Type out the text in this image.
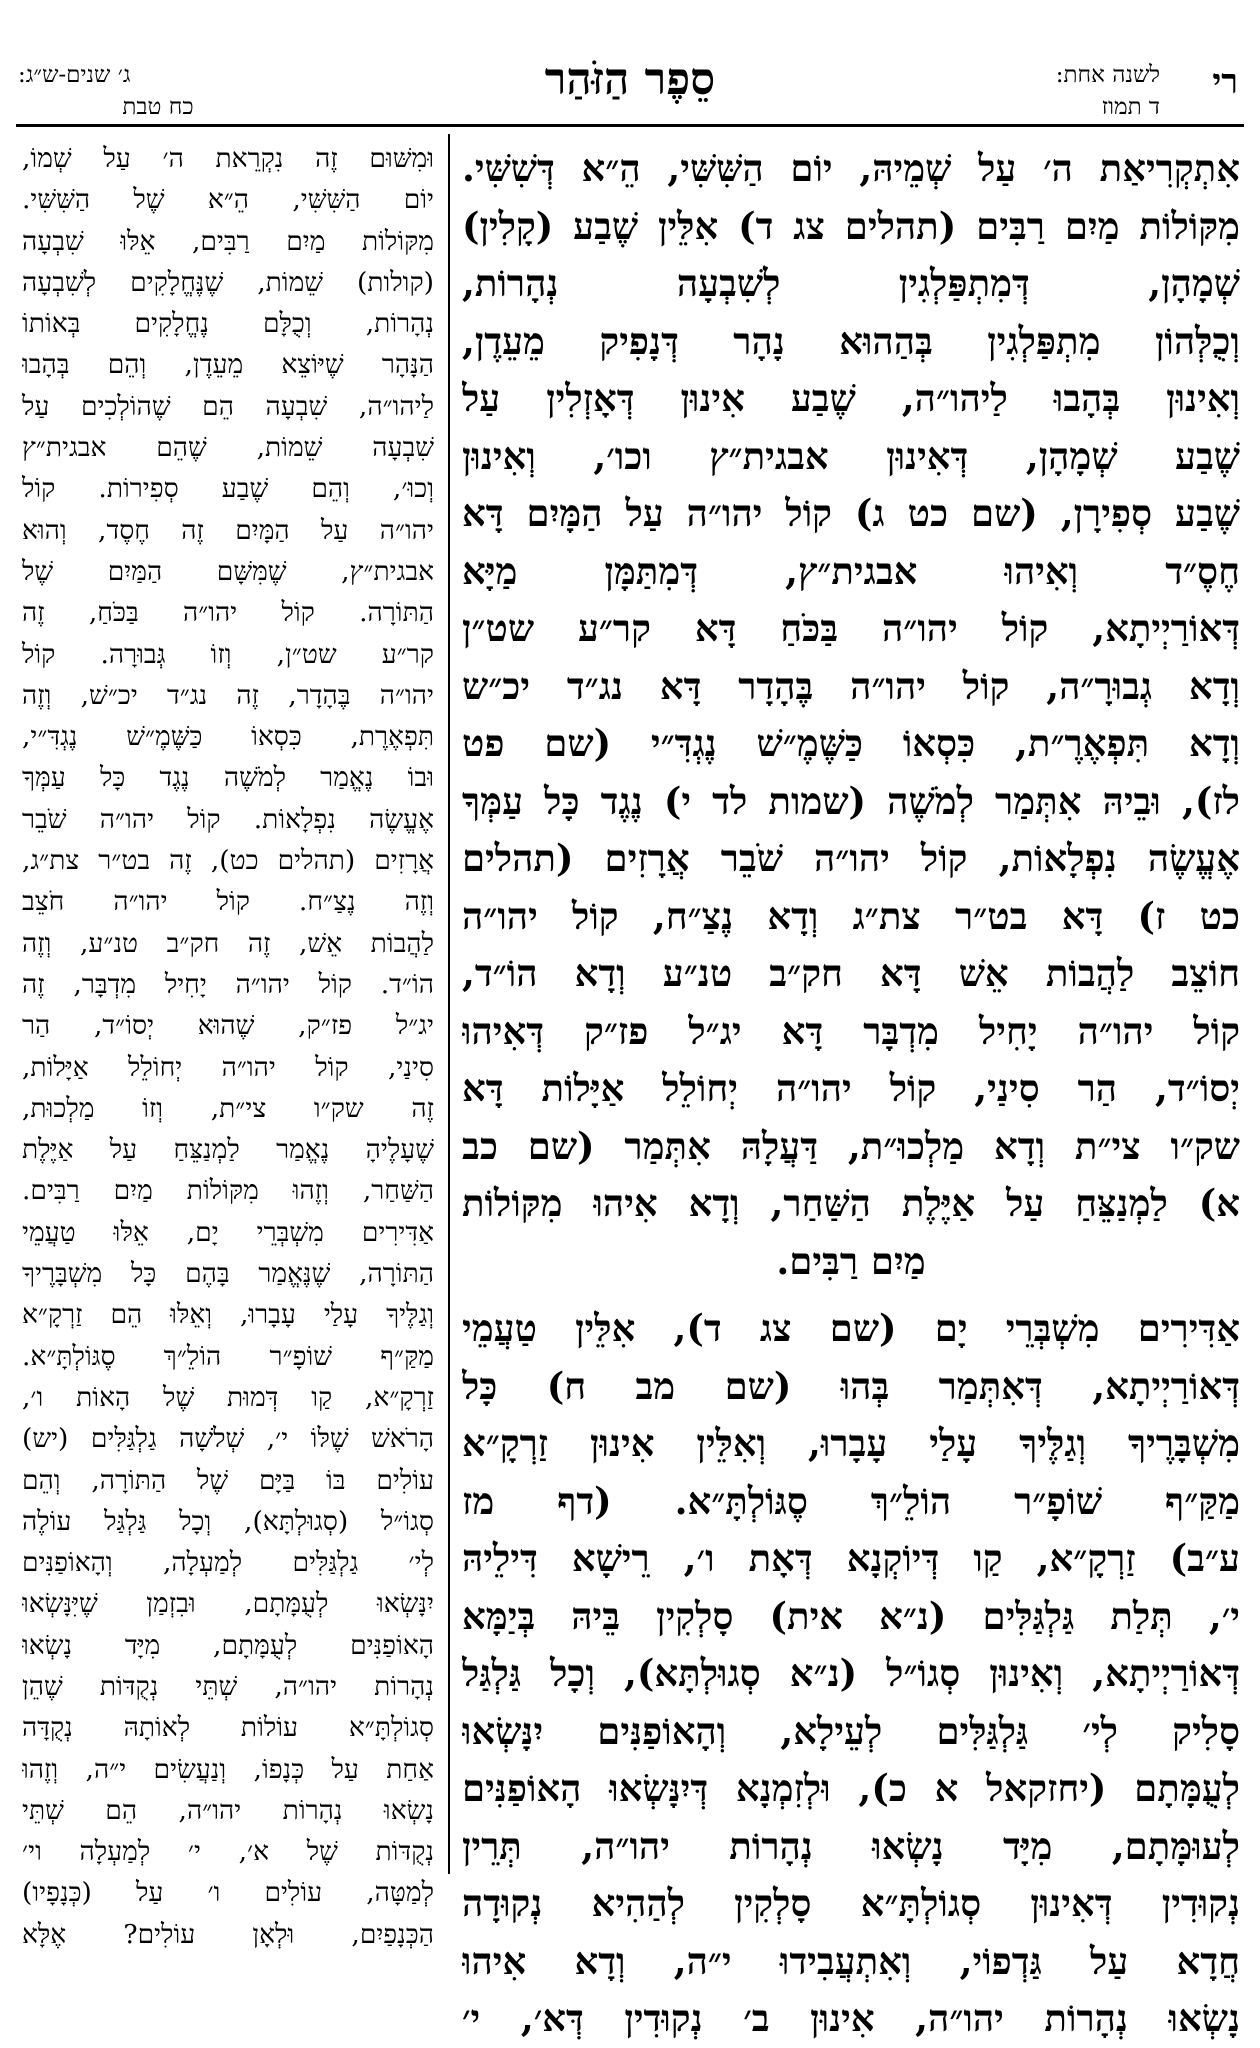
רי
לשנה אחת:
ד תמוז
סֵפֶר הַזֹּהַר
ג׳ שנים-ש״ג:
כח טבת
אִתְקְרִיאַת ה׳ עַל שְׁמֵיהּ, יוֹם הַשִּׁשִּׁי, הֵ״א דְּשִׁשִּׁי.
מִקּוֹלוֹת מַיִם רַבִּים (תהלים צג ד) אִלֵּין שֶׁבַע (קָלִין)
שְׁמָהָן, דְּמִתְפַּלְגִין לְשִׁבְעָה נְהָרוֹת,
וְכֻלְּהוֹן מִתְפַּלְגִין בְּהַהוּא נָהָר דְּנָפִיק מֵעֵדֶן,
וְאִינוּן בְּהָבוּ לַיהו״ה, שֶׁבַע אִינוּן דְּאָזְלִין עַל
שֶׁבַע שְׁמָהָן, דְּאִינוּן אבגית״ץ וכו׳, וְאִינוּן
שֶׁבַע סְפִירָן, (שם כט ג) קוֹל יהו״ה עַל הַמָּיִם דָּא
חֶסֶ״ד וְאִיהוּ אבגית״ץ, דְּמִתַּמָּן מַיָּא
דְּאוֹרַיְיתָא, קוֹל יהו״ה בַּכֹּחַ דָּא קר״ע שט״ן
וְדָא גְבוּרָ״ה, קוֹל יהו״ה בֶּהָדָר דָּא נג״ד יכ״ש
וְדָא תִּפְאֶרֶ״ת, כִּסְאוֹ כַּשֶּׁמֶ״שׁ נֶגְדִּ״י (שם פט
לז), וּבֵיהּ אִתְּמַר לְמֹשֶׁה (שמות לד י) נֶגֶד כָּל עַמְּךָ
אֶעֱשֶׂה נִפְלָאוֹת, קוֹל יהו״ה שֹׁבֵר אֲרָזִים (תהלים
כט ז) דָּא בט״ר צת״ג וְדָא נֶצַ״ח, קוֹל יהו״ה
חוֹצֵב לַהֲבוֹת אֵשׁ דָּא חק״ב טנ״ע וְדָא הוֹ״ד,
קוֹל יהו״ה יָחִיל מִדְבָּר דָּא יג״ל פז״ק דְּאִיהוּ
יְסוֹ״ד, הַר סִינַי, קוֹל יהו״ה יְחוֹלֵל אַיָּלוֹת דָּא
שק״ו צי״ת וְדָא מַלְכוּ״ת, דַּעֲלָהּ אִתְּמַר (שם כב
א) לַמְנַצֵּחַ עַל אַיֶּלֶת הַשַּׁחַר, וְדָא אִיהוּ מִקּוֹלוֹת
מַיִם רַבִּים.
אַדִּירִים מִשְׁבְּרֵי יָם (שם צג ד), אִלֵּין טַעֲמֵי
דְּאוֹרַיְיתָא, דְּאִתְּמַר בְּהוּ (שם מב ח) כָּל
מִשְׁבָּרֶיךָ וְגַלֶּיךָ עָלַי עָבָרוּ, וְאִלֵּין אִינוּן זַרְקָ״א
מַקַּ״ף שׁוֹפָ״ר הוֹלֵ״ךְ סֶגּוֹלְתָּ״א. (דף מז
ע״ב) זַרְקָ״א, קַו דְּיוֹקְנָא דְּאָת ו׳, רֵישָׁא דִּילֵיהּ
י׳, תְּלַת גַּלְגַּלִּים (נ״א אית) סָלְקִין בֵּיהּ בְּיַמָּא
דְּאוֹרַיְיתָא, וְאִינוּן סְגוֹ״ל (נ״א סְגוּלְתָּא), וְכָל גַּלְגַּל
סָלִיק לְי׳ גַּלְגַּלִּים לְעֵילָא, וְהָאוֹפַנִּים יִנָּשְׂאוּ
לְעֻמָּתָם (יחזקאל א כ), וּלְזִמְנָא דְּיִנָּשְׂאוּ הָאוֹפַנִּים
לְעוּמָּתָם, מִיָּד נָשְׂאוּ נְהָרוֹת יהו״ה, תְּרֵין
נְקוּדִין דְּאִינוּן סְגוֹלְתָּ״א סָלְקִין לְהַהִיא נְקוּדָה
חֲדָא עַל גַּדְפוֹי, וְאִתְעֲבִידוּ י״ה, וְדָא אִיהוּ
נָשְׂאוּ נְהָרוֹת יהו״ה, אִינוּן ב׳ נְקוּדִין דְּא׳, י׳
וּמִשּׁוּם זֶה נִקְרֵאת ה׳ עַל שְׁמוֹ,
יוֹם הַשִּׁשִּׁי, הֵ״א שֶׁל הַשִּׁשִּׁי.
מִקּוֹלוֹת מַיִם רַבִּים, אֵלּוּ שִׁבְעָה
(קולות) שֵׁמוֹת, שֶׁנֶּחֱלָקִים לְשִׁבְעָה
נְהָרוֹת, וְכֻלָּם נֶחֱלָקִים בְּאוֹתוֹ
הַנָּהָר שֶׁיּוֹצֵא מֵעֵדֶן, וְהֵם בְּהָבוּ
לַיהו״ה, שִׁבְעָה הֵם שֶׁהוֹלְכִים עַל
שִׁבְעָה שֵׁמוֹת, שֶׁהֵם אבגית״ץ
וְכוּ׳, וְהֵם שֶׁבַע סְפִירוֹת. קוֹל
יהו״ה עַל הַמָּיִם זֶה חֶסֶד, וְהוּא
אבגית״ץ, שֶׁמִּשָּׁם הַמַּיִם שֶׁל
הַתּוֹרָה. קוֹל יהו״ה בַּכֹּחַ, זֶה
קר״ע שט״ן, וְזוֹ גְּבוּרָה. קוֹל
יהו״ה בֶּהָדָר, זֶה נג״ד יכ״שׁ, וְזֶה
תִּפְאֶרֶת, כִּסְאוֹ כַּשֶּׁמֶ״שׁ נֶגְדִּ״י,
וּבוֹ נֶאֱמַר לְמֹשֶׁה נֶגֶד כָּל עַמְּךָ
אֶעֱשֶׂה נִפְלָאוֹת. קוֹל יהו״ה שֹׁבֵר
אֲרָזִים (תהלים כט), זֶה בט״ר צת״ג,
וְזֶה נֶצַ״ח. קוֹל יהו״ה חֹצֵב
לַהֲבוֹת אֵשׁ, זֶה חק״ב טנ״ע, וְזֶה
הוֹ״ד. קוֹל יהו״ה יָחִיל מִדְבָּר, זֶה
יג״ל פז״ק, שֶׁהוּא יְסוֹ״ד, הַר
סִינַי, קוֹל יהו״ה יְחוֹלֵל אַיָּלוֹת,
זֶה שק״ו צי״ת, וְזוֹ מַלְכוּת,
שֶׁעָלֶיהָ נֶאֱמַר לַמְנַצֵּחַ עַל אַיֶּלֶת
הַשַּׁחַר, וְזֶהוּ מִקּוֹלוֹת מַיִם רַבִּים.
אַדִּירִים מִשְׁבְּרֵי יָם, אֵלּוּ טַעֲמֵי
הַתּוֹרָה, שֶׁנֶּאֱמַר בָּהֶם כָּל מִשְׁבָּרֶיךָ
וְגַלֶּיךָ עָלַי עָבָרוּ, וְאֵלּוּ הֵם זַרְקָ״א
מַקַּ״ף שׁוֹפָ״ר הוֹלֵ״ךְ סֶגּוֹלְתָּ״א.
זַרְקָ״א, קַו דְּמוּת שֶׁל הָאוֹת ו׳,
הָרֹאשׁ שֶׁלּוֹ י׳, שְׁלֹשָׁה גַלְגַּלִּים (יש)
עוֹלִים בּוֹ בַּיָּם שֶׁל הַתּוֹרָה, וְהֵם
סְגוֹ״ל (סְגוּלְתָּא), וְכָל גַּלְגַּל עוֹלֶה
לְי׳ גַלְגַּלִּים לְמַעְלָה, וְהָאוֹפַנִּים
יִנָּשְׂאוּ לְעֻמָּתָם, וּבִזְמַן שֶׁיִּנָּשְׂאוּ
הָאוֹפַנִּים לְעֻמָּתָם, מִיָּד נָשְׂאוּ
נְהָרוֹת יהו״ה, שְׁתֵּי נְקֻדּוֹת שֶׁהֵן
סְגוֹלְתָּ״א עוֹלוֹת לְאוֹתָהּ נְקֻדָּה
אַחַת עַל כְּנָפוֹ, וְנַעֲשִׂים י״ה, וְזֶהוּ
נָשְׂאוּ נְהָרוֹת יהו״ה, הֵם שְׁתֵּי
נְקֻדּוֹת שֶׁל א׳, י׳ לְמַעְלָה וי׳
לְמַטָּה, עוֹלִים ו׳ עַל (כְּנָפָיו)
הַכְּנָפַיִם, וּלְאָן עוֹלִים? אֶלָּא
